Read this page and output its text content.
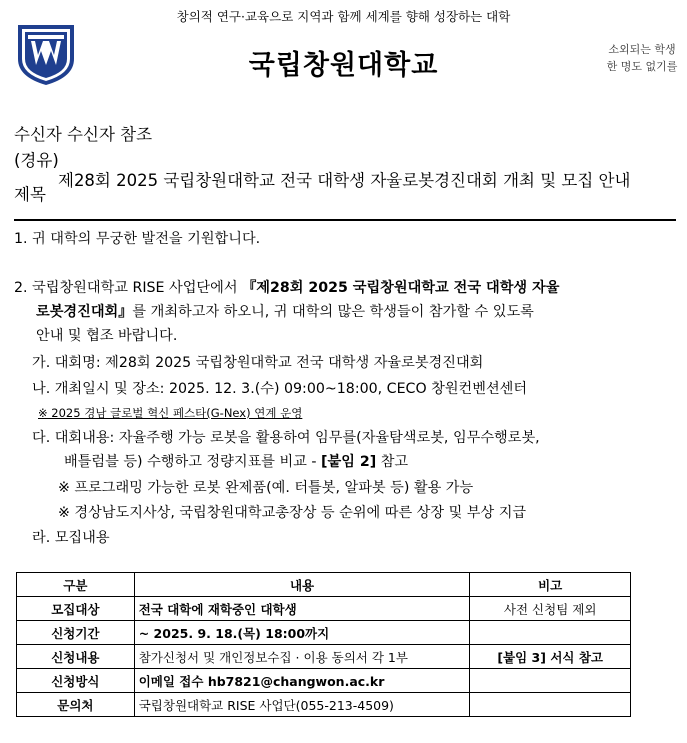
창의적 연구·교육으로 지역과 함께 세계를 향해 성장하는 대학
국립창원대학교
소외되는 학생
한 명도 없기를
수신자 수신자 참조
(경유)
제목
제28회 2025 국립창원대학교 전국 대학생 자율로봇경진대회 개최 및 모집 안내
1. 귀 대학의 무궁한 발전을 기원합니다.
2. 국립창원대학교 RISE 사업단에서 『제28회 2025 국립창원대학교 전국 대학생 자율
로봇경진대회』를 개최하고자 하오니, 귀 대학의 많은 학생들이 참가할 수 있도록
안내 및 협조 바랍니다.
가. 대회명: 제28회 2025 국립창원대학교 전국 대학생 자율로봇경진대회
나. 개최일시 및 장소: 2025. 12. 3.(수) 09:00~18:00, CECO 창원컨벤션센터
※ 2025 경남 글로벌 혁신 페스타(G-Nex) 연계 운영
다. 대회내용: 자율주행 가능 로봇을 활용하여 임무를(자율탐색로봇, 임무수행로봇,
배틀럼블 등) 수행하고 정량지표를 비교 - [붙임 2] 참고
※ 프로그래밍 가능한 로봇 완제품(예. 터틀봇, 알파봇 등) 활용 가능
※ 경상남도지사상, 국립창원대학교총장상 등 순위에 따른 상장 및 부상 지급
라. 모집내용
구분	내용	비고
모집대상	전국 대학에 재학중인 대학생	사전 신청팀 제외
신청기간	~ 2025. 9. 18.(목) 18:00까지	
신청내용	참가신청서 및 개인정보수집 · 이용 동의서 각 1부	[붙임 3] 서식 참고
신청방식	이메일 접수 hb7821@changwon.ac.kr	
문의처	국립창원대학교 RISE 사업단(055-213-4509)	
